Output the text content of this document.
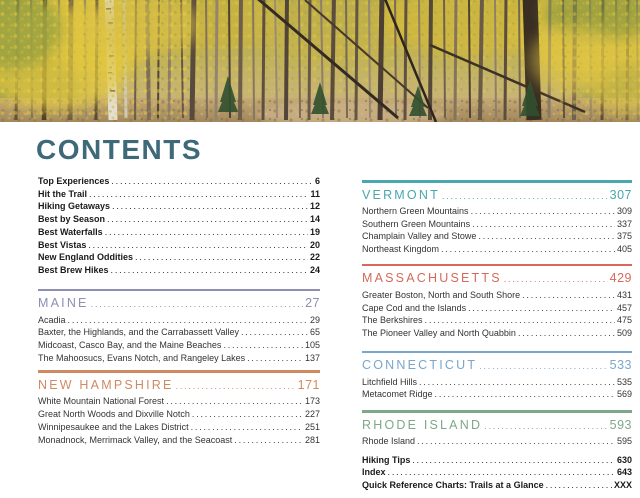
CONTENTS
Top Experiences .....	6
Hit the Trail .....	11
Hiking Getaways .....	12
Best by Season .....	14
Best Waterfalls .....	19
Best Vistas .....	20
New England Oddities .....	22
Best Brew Hikes .....	24
MAINE .....	27
Acadia .....	29
Baxter, the Highlands, and the Carrabassett Valley .....	65
Midcoast, Casco Bay, and the Maine Beaches .....	105
The Mahoosucs, Evans Notch, and Rangeley Lakes .....	137
NEW HAMPSHIRE .....	171
White Mountain National Forest .....	173
Great North Woods and Dixville Notch .....	227
Winnipesaukee and the Lakes District .....	251
Monadnock, Merrimack Valley, and the Seacoast .....	281
VERMONT .....	307
Northern Green Mountains .....	309
Southern Green Mountains .....	337
Champlain Valley and Stowe .....	375
Northeast Kingdom .....	405
MASSACHUSETTS .....	429
Greater Boston, North and South Shore .....	431
Cape Cod and the Islands .....	457
The Berkshires .....	475
The Pioneer Valley and North Quabbin .....	509
CONNECTICUT .....	533
Litchfield Hills .....	535
Metacomet Ridge .....	569
RHODE ISLAND .....	593
Rhode Island .....	595
Hiking Tips .....	630
Index .....	643
Quick Reference Charts: Trails at a Glance .....	XXX
